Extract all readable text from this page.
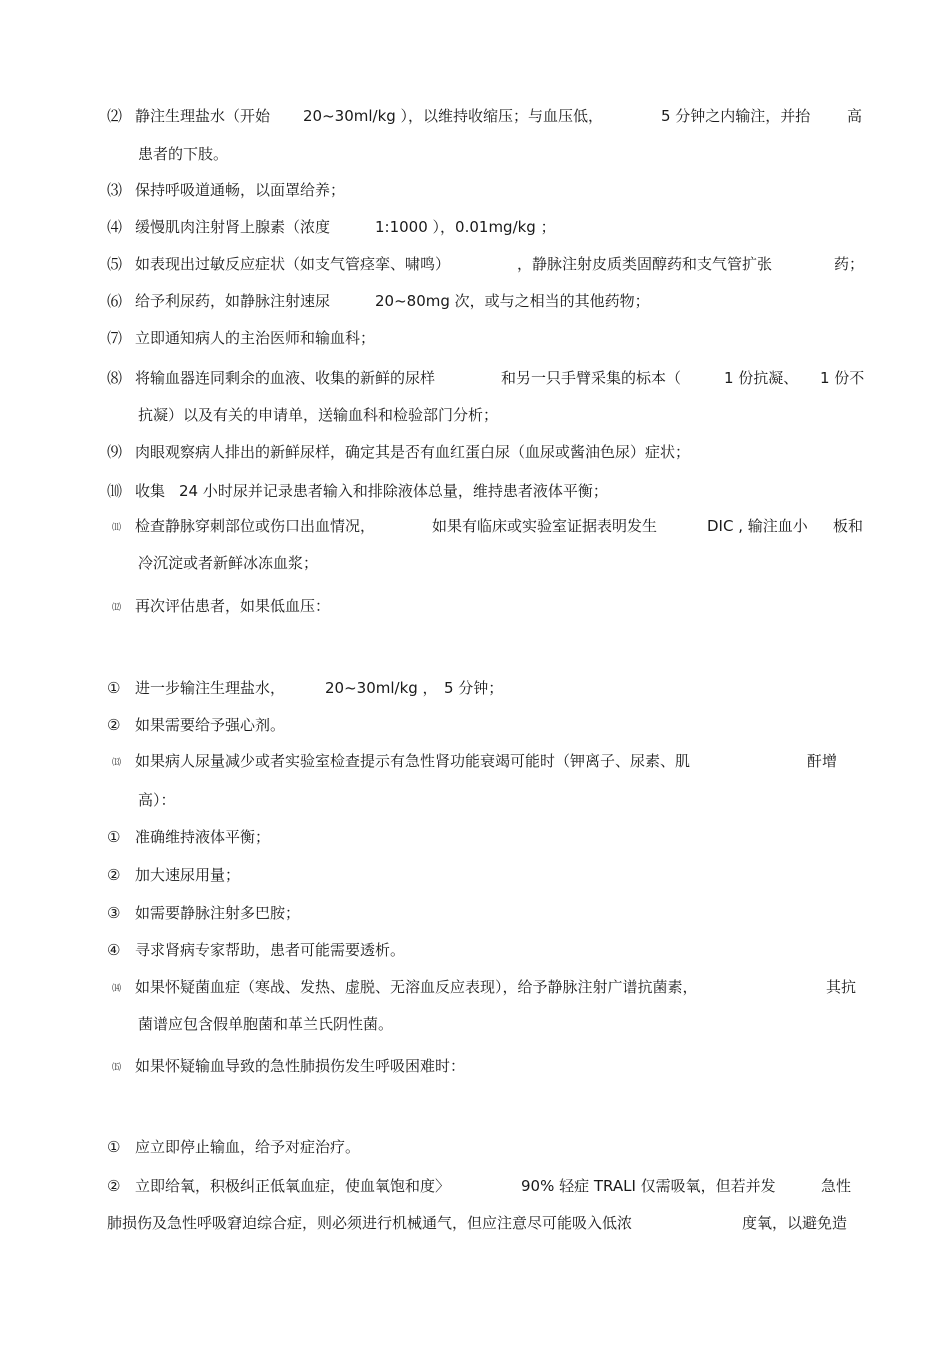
⑵ 静注生理盐水（开始 20~30ml/kg ），以维持收缩压；与血压低，	5 分钟之内输注，并抬 高
患者的下肢。
⑶ 保持呼吸道通畅，以面罩给养；
⑷ 缓慢肌肉注射肾上腺素（浓度	1:1000 ），0.01mg/kg ；
⑸ 如表现出过敏反应症状（如支气管痉挛、啸鸣）	，静脉注射皮质类固醇药和支气管扩张	药；
⑹ 给予利尿药，如静脉注射速尿	20~80mg 次，或与之相当的其他药物；
⑺ 立即通知病人的主治医师和输血科；
⑻ 将输血器连同剩余的血液、收集的新鲜的尿样	和另一只手臂采集的标本（	1 份抗凝、 1 份不
抗凝）以及有关的申请单，送输血科和检验部门分析；
⑼ 肉眼观察病人排出的新鲜尿样，确定其是否有血红蛋白尿（血尿或酱油色尿）症状；
⑽ 收集 24 小时尿并记录患者输入和排除液体总量，维持患者液体平衡；
⑾ 检查静脉穿刺部位或伤口出血情况，	如果有临床或实验室证据表明发生	DIC , 输注血小 板和
冷沉淀或者新鲜冰冻血浆；
⑿ 再次评估患者，如果低血压：
① 进一步输注生理盐水，	20~30ml/kg ， 5 分钟；
② 如果需要给予强心剂。
⒀ 如果病人尿量减少或者实验室检查提示有急性肾功能衰竭可能时（钾离子、尿素、肌	酐增
高）：
① 准确维持液体平衡；
② 加大速尿用量；
③ 如需要静脉注射多巴胺；
④ 寻求肾病专家帮助，患者可能需要透析。
⒁ 如果怀疑菌血症（寒战、发热、虚脱、无溶血反应表现），给予静脉注射广谱抗菌素，	其抗
菌谱应包含假单胞菌和革兰氏阴性菌。
⒂ 如果怀疑输血导致的急性肺损伤发生呼吸困难时：
① 应立即停止输血，给予对症治疗。
② 立即给氧，积极纠正低氧血症，使血氧饱和度〉	90% 轻症 TRALI 仅需吸氧，但若并发	急性
肺损伤及急性呼吸窘迫综合症，则必须进行机械通气，但应注意尽可能吸入低浓	度氧，以避免造
